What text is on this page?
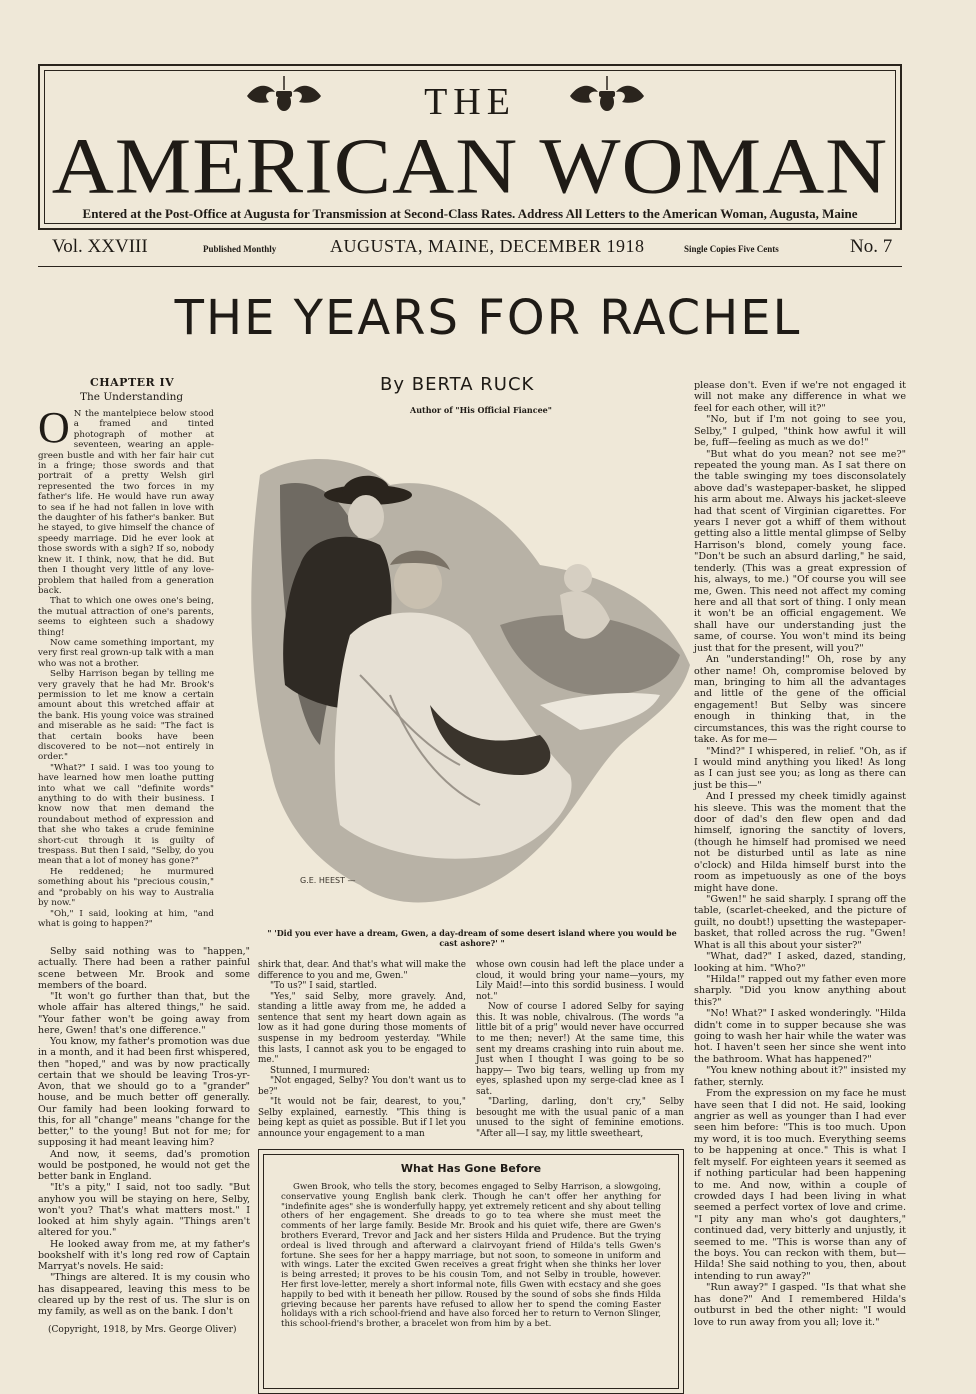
THE
AMERICAN WOMAN
Entered at the Post-Office at Augusta for Transmission at Second-Class Rates. Address All Letters to the American Woman, Augusta, Maine
Vol. XXVIII	Published Monthly	AUGUSTA, MAINE, DECEMBER 1918	Single Copies Five Cents	No. 7
THE YEARS FOR RACHEL
CHAPTER IV
The Understanding
By BERTA RUCK
Author of "His Official Fiancee"

O N the mantelpiece below stood a framed and tinted photograph of mother at seventeen, wearing an apple-green bustle and with her fair hair cut in a fringe; those swords and that portrait of a pretty Welsh girl represented the two forces in my father's life. He would have run away to sea if he had not fallen in love with the daughter of his father's banker. But he stayed, to give himself the chance of speedy marriage. Did he ever look at those swords with a sigh? If so, nobody knew it. I think, now, that he did. But then I thought very little of any love-problem that hailed from a generation back.

That to which one owes one's being, the mutual attraction of one's parents, seems to eighteen such a shadowy thing!

Now came something important, my very first real grown-up talk with a man who was not a brother.

Selby Harrison began by telling me very gravely that he had Mr. Brook's permission to let me know a certain amount about this wretched affair at the bank. His young voice was strained and miserable as he said: "The fact is that certain books have been discovered to be not—not entirely in order."

"What?" I said. I was too young to have learned how men loathe putting into what we call "definite words" anything to do with their business. I know now that men demand the roundabout method of expression and that she who takes a crude feminine short-cut through it is guilty of trespass. But then I said, "Selby, do you mean that a lot of money has gone?"

He reddened; he murmured something about his "precious cousin," and "probably on his way to Australia by now."

"Oh," I said, looking at him, "and what is going to happen?"

Selby said nothing was to "happen," actually. There had been a rather painful scene between Mr. Brook and some members of the board.

"It won't go further than that, but the whole affair has altered things," he said. "Your father won't be going away from here, Gwen! that's one difference."

You know, my father's promotion was due in a month, and it had been first whispered, then "hoped," and was by now practically certain that we should be leaving Tros-yr-Avon, that we should go to a "grander" house, and be much better off generally. Our family had been looking forward to this, for all "change" means "change for the better," to the young! But not for me; for supposing it had meant leaving him?

And now, it seems, dad's promotion would be postponed, he would not get the better bank in England.

"It's a pity," I said, not too sadly. "But anyhow you will be staying on here, Selby, won't you? That's what matters most." I looked at him shyly again. "Things aren't altered for you."

He looked away from me, at my father's bookshelf with it's long red row of Captain Marryat's novels. He said:

"Things are altered. It is my cousin who has disappeared, leaving this mess to be cleared up by the rest of us. The slur is on my family, as well as on the bank. I don't

G.E. HEEST —
" 'Did you ever have a dream, Gwen, a day-dream of some desert island where you would be cast ashore?' "

shirk that, dear. And that's what will make the difference to you and me, Gwen."

"To us?" I said, startled.

"Yes," said Selby, more gravely. And, standing a little away from me, he added a sentence that sent my heart down again as low as it had gone during those moments of suspense in my bedroom yesterday. "While this lasts, I cannot ask you to be engaged to me."

Stunned, I murmured:

"Not engaged, Selby? You don't want us to be?"

"It would not be fair, dearest, to you," Selby explained, earnestly. "This thing is being kept as quiet as possible. But if I let you announce your engagement to a man

whose own cousin had left the place under a cloud, it would bring your name—yours, my Lily Maid!—into this sordid business. I would not."

Now of course I adored Selby for saying this. It was noble, chivalrous. (The words "a little bit of a prig" would never have occurred to me then; never!) At the same time, this sent my dreams crashing into ruin about me. Just when I thought I was going to be so happy— Two big tears, welling up from my eyes, splashed upon my serge-clad knee as I sat.

"Darling, darling, don't cry," Selby besought me with the usual panic of a man unused to the sight of feminine emotions. "After all—I say, my little sweetheart,

What Has Gone Before
Gwen Brook, who tells the story, becomes engaged to Selby Harrison, a slowgoing, conservative young English bank clerk. Though he can't offer her anything for "indefinite ages" she is wonderfully happy, yet extremely reticent and shy about telling others of her engagement. She dreads to go to tea where she must meet the comments of her large family. Beside Mr. Brook and his quiet wife, there are Gwen's brothers Everard, Trevor and Jack and her sisters Hilda and Prudence. But the trying ordeal is lived through and afterward a clairvoyant friend of Hilda's tells Gwen's fortune. She sees for her a happy marriage, but not soon, to someone in uniform and with wings. Later the excited Gwen receives a great fright when she thinks her lover is being arrested; it proves to be his cousin Tom, and not Selby in trouble, however. Her first love-letter, merely a short informal note, fills Gwen with ecstacy and she goes happily to bed with it beneath her pillow. Roused by the sound of sobs she finds Hilda grieving because her parents have refused to allow her to spend the coming Easter holidays with a rich school-friend and have also forced her to return to Vernon Slinger, this school-friend's brother, a bracelet won from him by a bet.

please don't. Even if we're not engaged it will not make any difference in what we feel for each other, will it?"

"No, but if I'm not going to see you, Selby," I gulped, "think how awful it will be, fuff—feeling as much as we do!"

"But what do you mean? not see me?" repeated the young man. As I sat there on the table swinging my toes disconsolately above dad's wastepaper-basket, he slipped his arm about me. Always his jacket-sleeve had that scent of Virginian cigarettes. For years I never got a whiff of them without getting also a little mental glimpse of Selby Harrison's blond, comely young face. "Don't be such an absurd darling," he said, tenderly. (This was a great expression of his, always, to me.) "Of course you will see me, Gwen. This need not affect my coming here and all that sort of thing. I only mean it won't be an official engagement. We shall have our understanding just the same, of course. You won't mind its being just that for the present, will you?"

An "understanding!" Oh, rose by any other name! Oh, compromise beloved by man, bringing to him all the advantages and little of the gene of the official engagement! But Selby was sincere enough in thinking that, in the circumstances, this was the right course to take. As for me—

"Mind?" I whispered, in relief. "Oh, as if I would mind anything you liked! As long as I can just see you; as long as there can just be this—"

And I pressed my cheek timidly against his sleeve. This was the moment that the door of dad's den flew open and dad himself, ignoring the sanctity of lovers, (though he himself had promised we need not be disturbed until as late as nine o'clock) and Hilda himself burst into the room as impetuously as one of the boys might have done.

"Gwen!" he said sharply. I sprang off the table, (scarlet-cheeked, and the picture of guilt, no doubt!) upsetting the wastepaper-basket, that rolled across the rug. "Gwen! What is all this about your sister?"

"What, dad?" I asked, dazed, standing, looking at him. "Who?"

"Hilda!" rapped out my father even more sharply. "Did you know anything about this?"

"No! What?" I asked wonderingly. "Hilda didn't come in to supper because she was going to wash her hair while the water was hot. I haven't seen her since she went into the bathroom. What has happened?"

"You knew nothing about it?" insisted my father, sternly.

From the expression on my face he must have seen that I did not. He said, looking angrier as well as younger than I had ever seen him before: "This is too much. Upon my word, it is too much. Everything seems to be happening at once." This is what I felt myself. For eighteen years it seemed as if nothing particular had been happening to me. And now, within a couple of crowded days I had been living in what seemed a perfect vortex of love and crime. "I pity any man who's got daughters," continued dad, very bitterly and unjustly, it seemed to me. "This is worse than any of the boys. You can reckon with them, but—Hilda! She said nothing to you, then, about intending to run away?"

"Run away?" I gasped. "Is that what she has done?" And I remembered Hilda's outburst in bed the other night: "I would love to run away from you all; love it."

(Copyright, 1918, by Mrs. George Oliver)
